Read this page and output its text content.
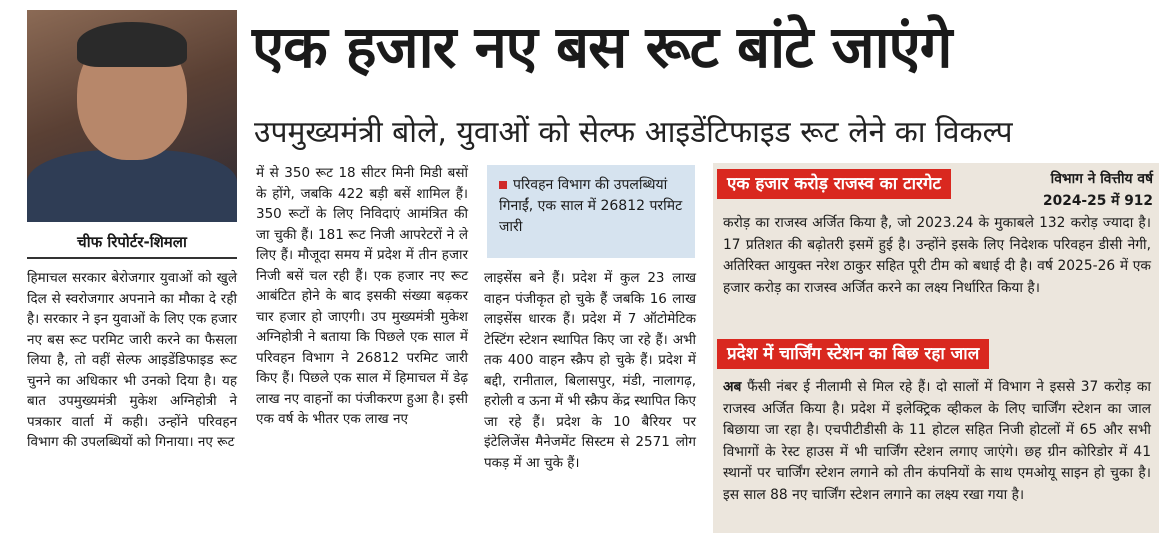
चीफ रिपोर्टर-शिमला
एक हजार नए बस रूट बांटे जाएंगे
उपमुख्यमंत्री बोले, युवाओं को सेल्फ आइडेंटिफाइड रूट लेने का विकल्प
हिमाचल सरकार बेरोजगार युवाओं को खुले दिल से स्वरोजगार अपनाने का मौका दे रही है। सरकार ने इन युवाओं के लिए एक हजार नए बस रूट परमिट जारी करने का फैसला लिया है, तो वहीं सेल्फ आइडेंडिफाइड रूट चुनने का अधिकार भी उनको दिया है। यह बात उपमुख्यमंत्री मुकेश अग्निहोत्री ने पत्रकार वार्ता में कही। उन्होंने परिवहन विभाग की उपलब्धियों को गिनाया। नए रूट
में से 350 रूट 18 सीटर मिनी मिडी बसों के होंगे, जबकि 422 बड़ी बसें शामिल हैं। 350 रूटों के लिए निविदाएं आमंत्रित की जा चुकी हैं। 181 रूट निजी आपरेटरों ने ले लिए हैं। मौजूदा समय में प्रदेश में तीन हजार निजी बसें चल रही हैं। एक हजार नए रूट आबंटित होने के बाद इसकी संख्या बढ़कर चार हजार हो जाएगी। उप मुख्यमंत्री मुकेश अग्निहोत्री ने बताया कि पिछले एक साल में परिवहन विभाग ने 26812 परमिट जारी किए हैं। पिछले एक साल में हिमाचल में डेढ़ लाख नए वाहनों का पंजीकरण हुआ है। इसी एक वर्ष के भीतर एक लाख नए
परिवहन विभाग की उपलब्धियां गिनाईं, एक साल में 26812 परमिट जारी
लाइसेंस बने हैं। प्रदेश में कुल 23 लाख वाहन पंजीकृत हो चुके हैं जबकि 16 लाख लाइसेंस धारक हैं। प्रदेश में 7 ऑटोमेटिक टेस्टिंग स्टेशन स्थापित किए जा रहे हैं। अभी तक 400 वाहन स्क्रैप हो चुके हैं। प्रदेश में बद्दी, रानीताल, बिलासपुर, मंडी, नालागढ़, हरोली व ऊना में भी स्क्रैप केंद्र स्थापित किए जा रहे हैं। प्रदेश के 10 बैरियर पर इंटेलिजेंस मैनेजमेंट सिस्टम से 2571 लोग पकड़ में आ चुके हैं।
एक हजार करोड़ राजस्व का टारगेट	विभाग ने वित्तीय वर्ष 2024-25 में 912
करोड़ का राजस्व अर्जित किया है, जो 2023.24 के मुकाबले 132 करोड़ ज्यादा है। 17 प्रतिशत की बढ़ोतरी इसमें हुई है। उन्होंने इसके लिए निदेशक परिवहन डीसी नेगी, अतिरिक्त आयुक्त नरेश ठाकुर सहित पूरी टीम को बधाई दी है। वर्ष 2025-26 में एक हजार करोड़ का राजस्व अर्जित करने का लक्ष्य निर्धारित किया है।
प्रदेश में चार्जिंग स्टेशन का बिछ रहा जाल
अब फैंसी नंबर ई नीलामी से मिल रहे हैं। दो सालों में विभाग ने इससे 37 करोड़ का राजस्व अर्जित किया है। प्रदेश में इलेक्ट्रिक व्हीकल के लिए चार्जिंग स्टेशन का जाल बिछाया जा रहा है। एचपीटीडीसी के 11 होटल सहित निजी होटलों में 65 और सभी विभागों के रेस्ट हाउस में भी चार्जिंग स्टेशन लगाए जाएंगे। छह ग्रीन कोरिडोर में 41 स्थानों पर चार्जिंग स्टेशन लगाने को तीन कंपनियों के साथ एमओयू साइन हो चुका है। इस साल 88 नए चार्जिंग स्टेशन लगाने का लक्ष्य रखा गया है।
